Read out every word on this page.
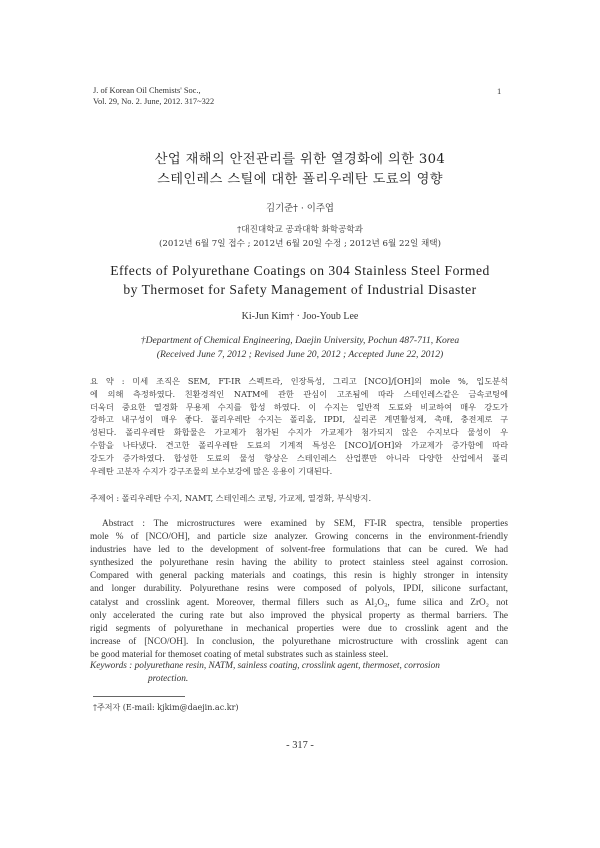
J. of Korean Oil Chemists' Soc.,
Vol. 29, No. 2. June, 2012. 317~322
1
산업 재해의 안전관리를 위한 열경화에 의한 304
스테인레스 스틸에 대한 폴리우레탄 도료의 영향
김기준† · 이주엽
†대진대학교 공과대학 화학공학과
(2012년 6월 7일 접수 ; 2012년 6월 20일 수정 ; 2012년 6월 22일 채택)
Effects of Polyurethane Coatings on 304 Stainless Steel Formed
by Thermoset for Safety Management of Industrial Disaster
Ki-Jun Kim† · Joo-Youb Lee
†Department of Chemical Engineering, Daejin University, Pochun 487-711, Korea
(Received June 7, 2012 ; Revised June 20, 2012 ; Accepted June 22, 2012)
요 약 : 미세 조직은 SEM, FT-IR 스펙트라, 인장특성, 그리고 [NCO]/[OH]의 mole %, 입도분석
에 의해 측정하였다. 친환경적인 NATM에 관한 관심이 고조됨에 따라 스테인레스같은 금속코팅에
더욱더 중요한 열경화 무용제 수지를 합성 하였다. 이 수지는 일반적 도료와 비교하여 매우 강도가
강하고 내구성이 매우 좋다. 폴리우레탄 수지는 폴리올, IPDI, 실리콘 계면활성제, 촉매, 충전제로 구
성된다. 폴리우레탄 화합물은 가교제가 첨가된 수지가 가교제가 첨가되지 않은 수지보다 물성이 우
수함을 나타냈다. 견고한 폴리우레탄 도료의 기계적 특성은 [NCO]/[OH]와 가교제가 증가함에 따라
강도가 증가하였다. 합성한 도료의 물성 향상은 스테인레스 산업뿐만 아니라 다양한 산업에서 폴리
우레탄 고분자 수지가 강구조물의 보수보강에 많은 응용이 기대된다.
주제어 : 폴리우레탄 수지, NAMT, 스테인레스 코팅, 가교제, 열경화, 부식방지.
Abstract : The microstructures were examined by SEM, FT-IR spectra, tensible properties
mole % of [NCO/OH], and particle size analyzer. Growing concerns in the environment-friendly
industries have led to the development of solvent-free formulations that can be cured. We had
synthesized the polyurethane resin having the ability to protect stainless steel against corrosion.
Compared with general packing materials and coatings, this resin is highly stronger in intensity
and longer durability. Polyurethane resins were composed of polyols, IPDI, silicone surfactant,
catalyst and crosslink agent. Moreover, thermal fillers such as Al₂O₃, fume silica and ZrO₂ not
only accelerated the curing rate but also improved the physical property as thermal barriers. The
rigid segments of polyurethane in mechanical properties were due to crosslink agent and the
increase of [NCO/OH]. In conclusion, the polyurethane microstructure with crosslink agent can
be good material for themoset coating of metal substrates such as stainless steel.
Keywords : polyurethane resin, NATM, sainless coating, crosslink agent, thermoset, corrosion
protection.
†주저자 (E-mail: kjkim@daejin.ac.kr)
- 317 -
